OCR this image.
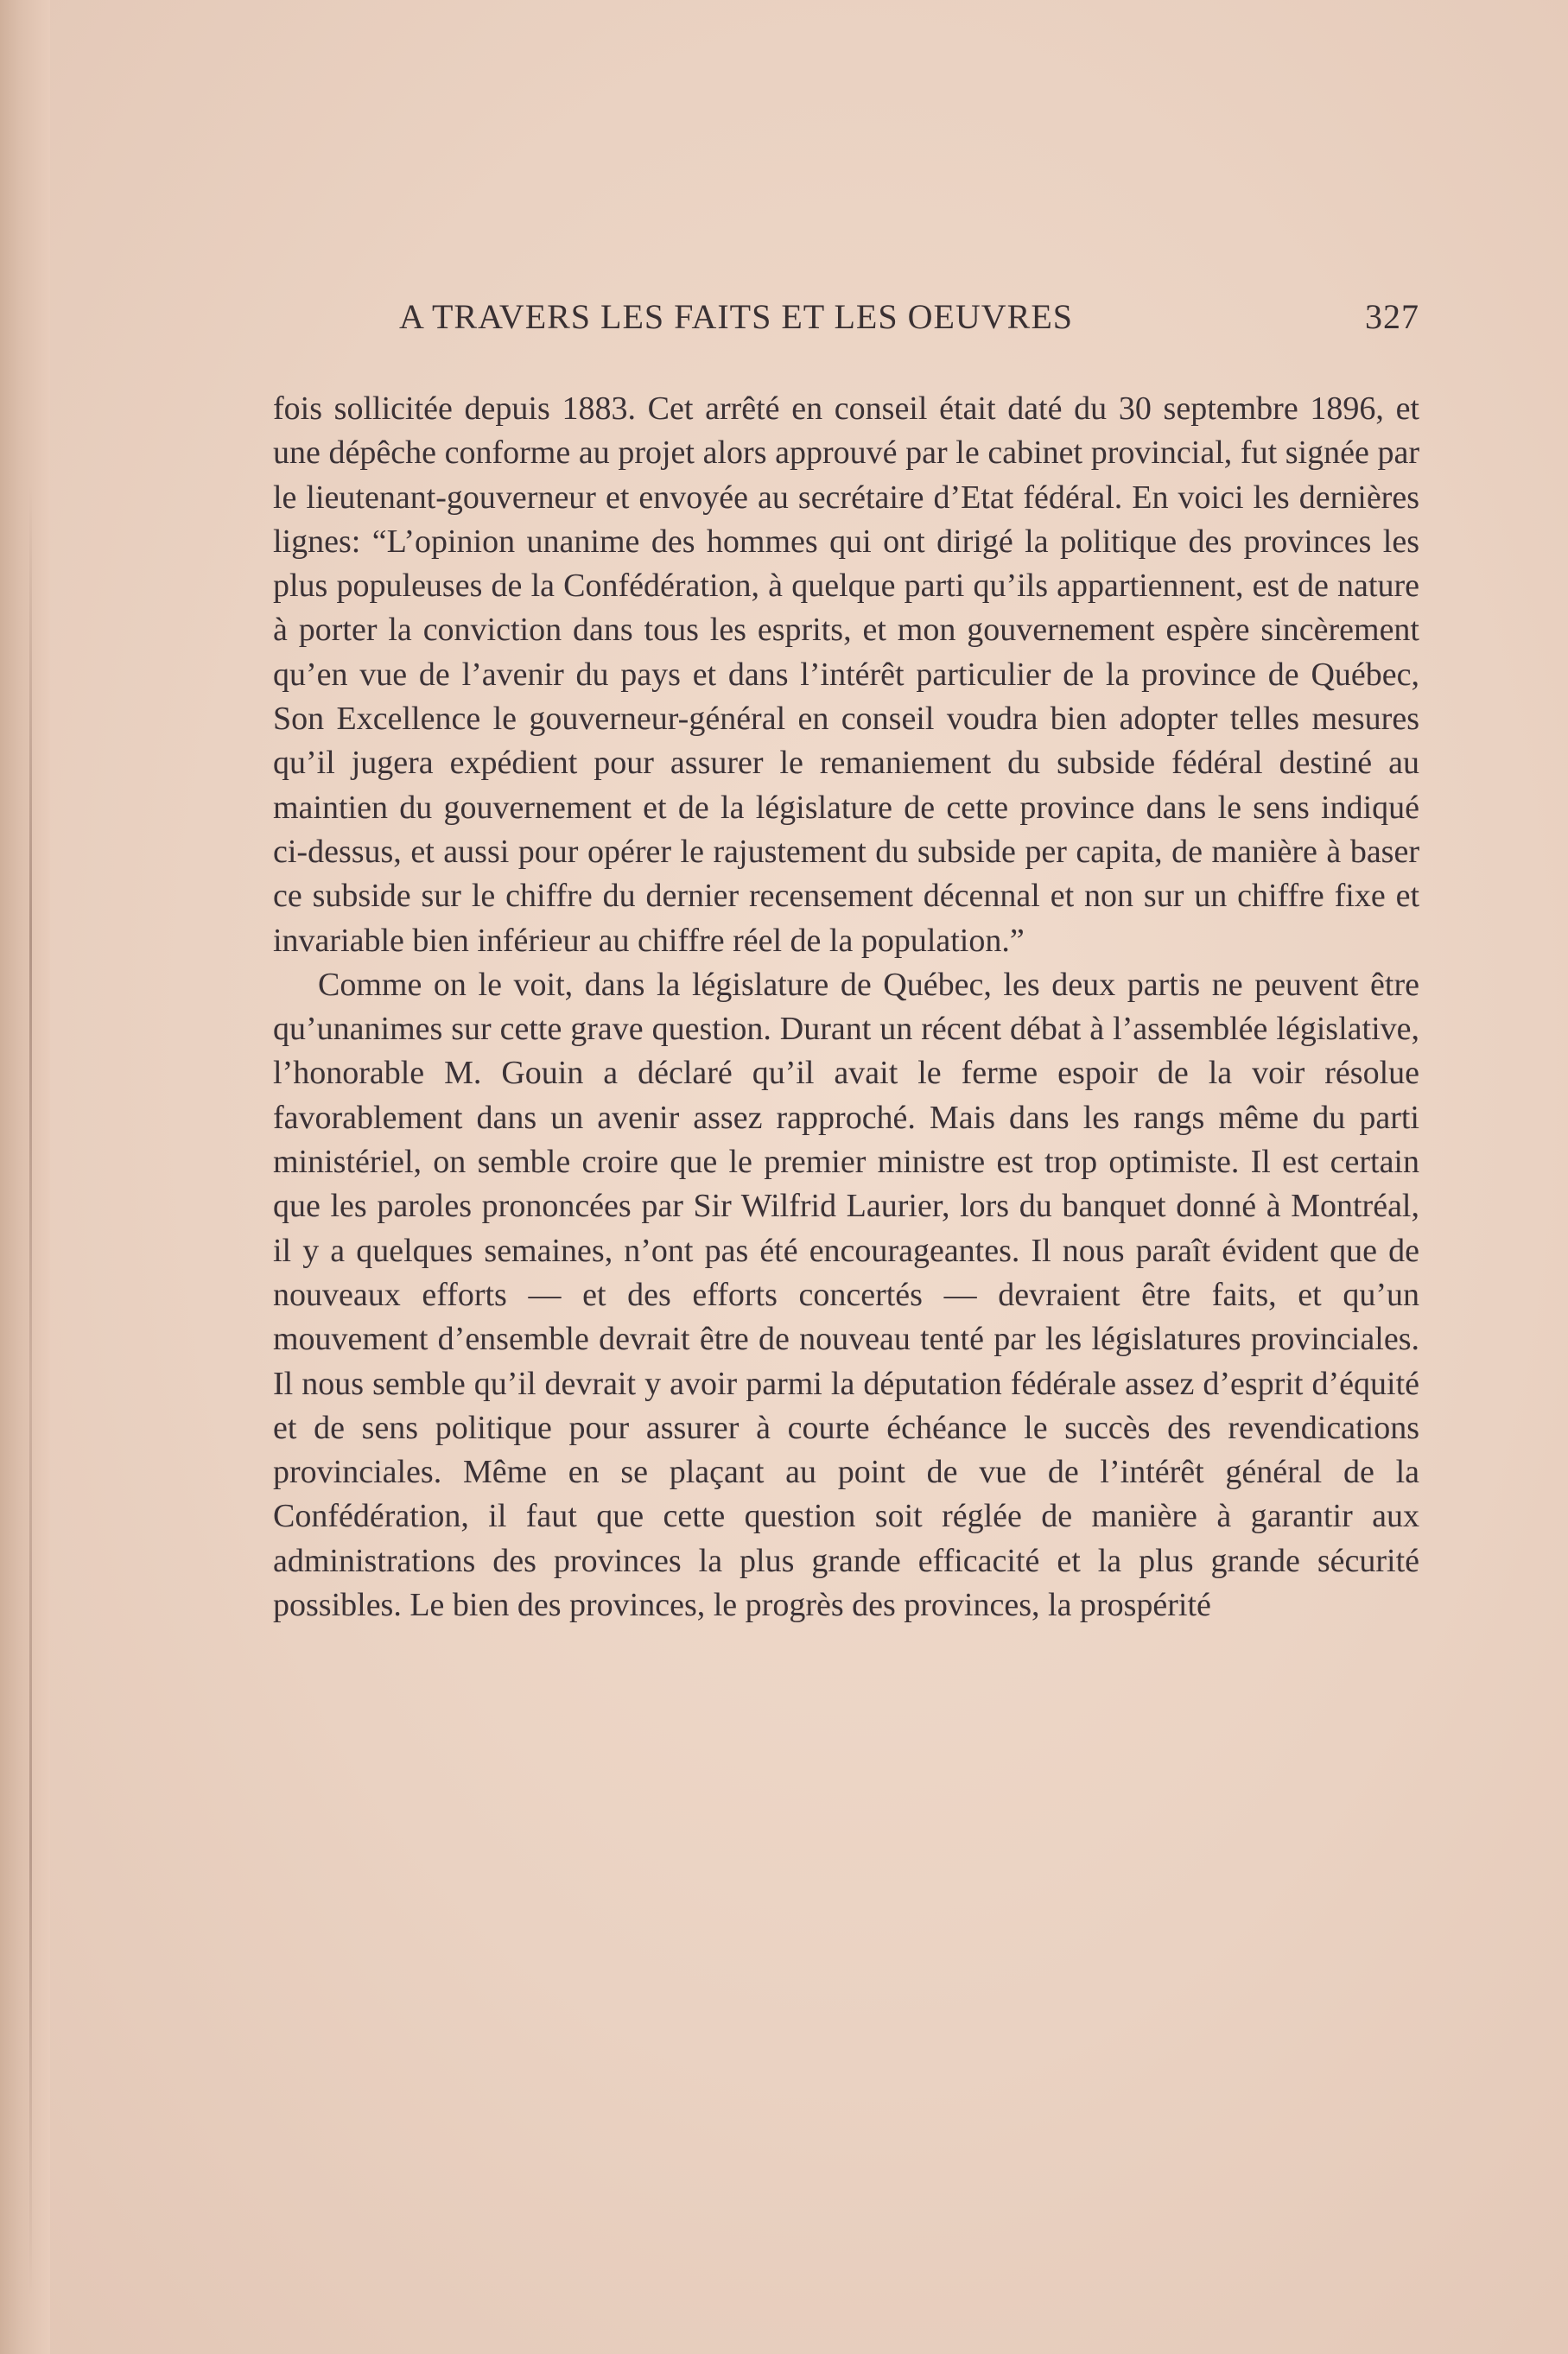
A TRAVERS LES FAITS ET LES OEUVRES	327

fois sollicitée depuis 1883. Cet arrêté en conseil était daté du 30 septembre 1896, et une dépêche conforme au projet alors approuvé par le cabinet provincial, fut signée par le lieutenant-gouverneur et envoyée au secrétaire d’Etat fédéral. En voici les dernières lignes: “L’opinion unanime des hommes qui ont dirigé la politique des provinces les plus populeuses de la Confédération, à quelque parti qu’ils appartiennent, est de nature à porter la conviction dans tous les esprits, et mon gouvernement espère sincèrement qu’en vue de l’avenir du pays et dans l’intérêt particulier de la province de Québec, Son Excellence le gouverneur-général en conseil voudra bien adopter telles mesures qu’il jugera expédient pour assurer le remaniement du subside fédéral destiné au maintien du gouvernement et de la législature de cette province dans le sens indiqué ci-dessus, et aussi pour opérer le rajustement du subside per capita, de manière à baser ce subside sur le chiffre du dernier recensement décennal et non sur un chiffre fixe et invariable bien inférieur au chiffre réel de la population.”

Comme on le voit, dans la législature de Québec, les deux partis ne peuvent être qu’unanimes sur cette grave question. Durant un récent débat à l’assemblée législative, l’honorable M. Gouin a déclaré qu’il avait le ferme espoir de la voir résolue favorablement dans un avenir assez rapproché. Mais dans les rangs même du parti ministériel, on semble croire que le premier ministre est trop optimiste. Il est certain que les paroles prononcées par Sir Wilfrid Laurier, lors du banquet donné à Montréal, il y a quelques semaines, n’ont pas été encourageantes. Il nous paraît évident que de nouveaux efforts — et des efforts concertés — devraient être faits, et qu’un mouvement d’ensemble devrait être de nouveau tenté par les législatures provinciales. Il nous semble qu’il devrait y avoir parmi la députation fédérale assez d’esprit d’équité et de sens politique pour assurer à courte échéance le succès des revendications provinciales. Même en se plaçant au point de vue de l’intérêt général de la Confédération, il faut que cette question soit réglée de manière à garantir aux administrations des provinces la plus grande efficacité et la plus grande sécurité possibles. Le bien des provinces, le progrès des provinces, la prospérité
